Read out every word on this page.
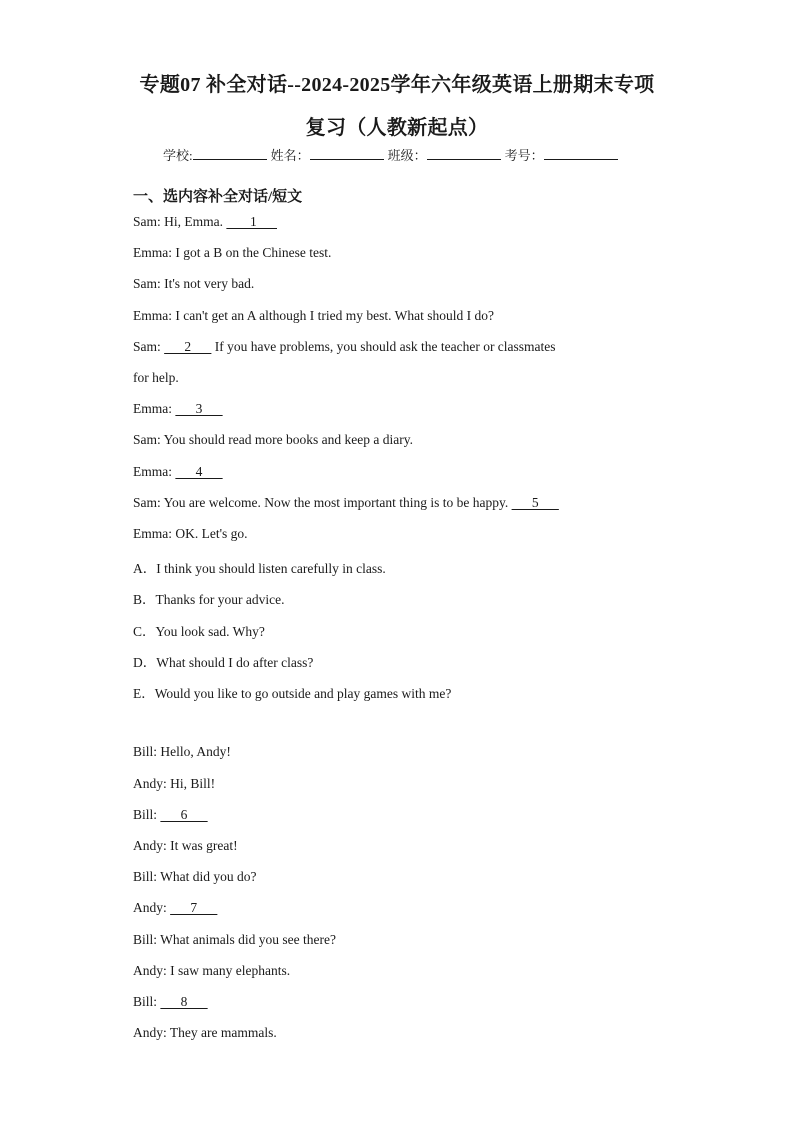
专题07 补全对话--2024-2025学年六年级英语上册期末专项
复习（人教新起点）
学校:	姓名：	班级：	考号：
一、选内容补全对话/短文
Sam: Hi, Emma.        1
Emma: I got a B on the Chinese test.
Sam: It's not very bad.
Emma: I can't get an A although I tried my best. What should I do?
Sam:       2       If you have problems, you should ask the teacher or classmates
for help.
Emma:       3
Sam: You should read more books and keep a diary.
Emma:       4
Sam: You are welcome. Now the most important thing is to be happy.       5
Emma: OK. Let's go.
A．I think you should listen carefully in class.
B．Thanks for your advice.
C．You look sad. Why?
D．What should I do after class?
E．Would you like to go outside and play games with me?
Bill: Hello, Andy!
Andy: Hi, Bill!
Bill:       6
Andy: It was great!
Bill: What did you do?
Andy:       7
Bill: What animals did you see there?
Andy: I saw many elephants.
Bill:       8
Andy: They are mammals.
